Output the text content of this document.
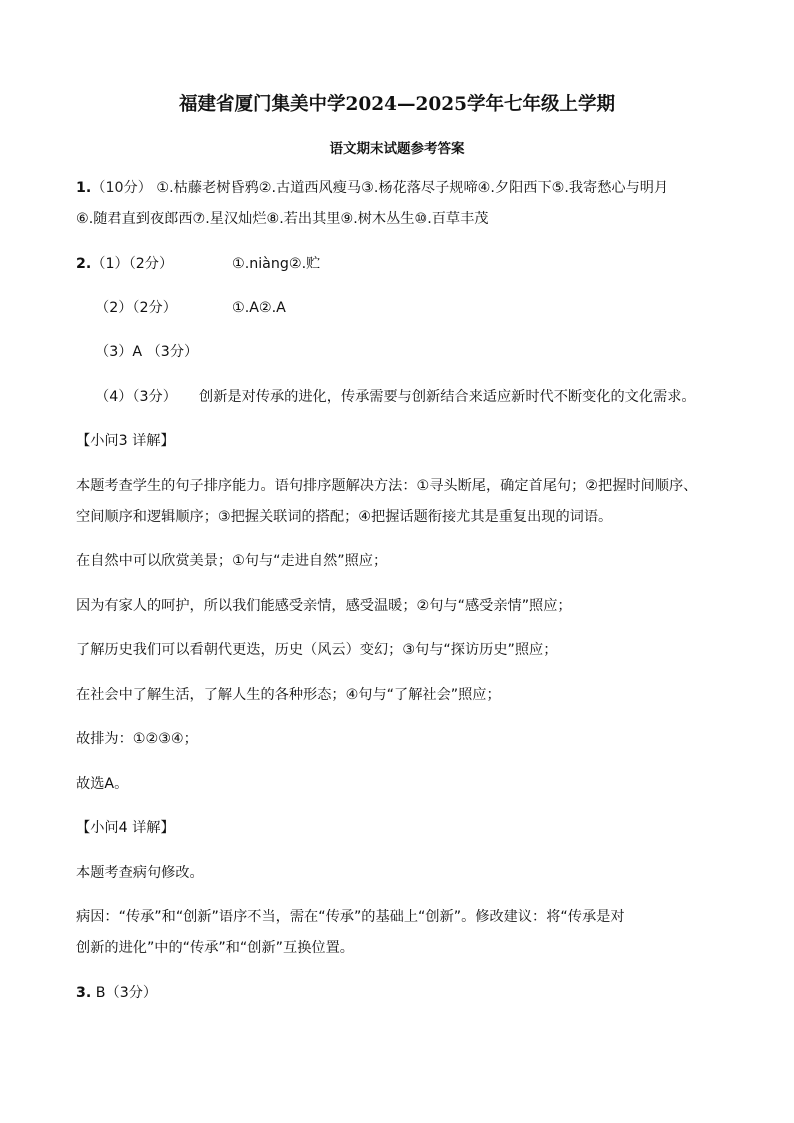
福建省厦门集美中学2024—2025学年七年级上学期
语文期末试题参考答案
1.（10分） ①.枯藤老树昏鸦②.古道西风瘦马③.杨花落尽子规啼④.夕阳西下⑤.我寄愁心与明月
⑥.随君直到夜郎西⑦.星汉灿烂⑧.若出其里⑨.树木丛生⑩.百草丰茂
2.（1）（2分）	①.niàng②.贮
（2）（2分）	①.A②.A
（3）A （3分）
（4）（3分） 创新是对传承的进化，传承需要与创新结合来适应新时代不断变化的文化需求。
【小问3 详解】
本题考查学生的句子排序能力。语句排序题解决方法：①寻头断尾，确定首尾句；②把握时间顺序、
空间顺序和逻辑顺序；③把握关联词的搭配；④把握话题衔接尤其是重复出现的词语。
在自然中可以欣赏美景；①句与“走进自然”照应；
因为有家人的呵护，所以我们能感受亲情，感受温暖；②句与“感受亲情”照应；
了解历史我们可以看朝代更迭，历史（风云）变幻；③句与“探访历史”照应；
在社会中了解生活，了解人生的各种形态；④句与“了解社会”照应；
故排为：①②③④；
故选A。
【小问4 详解】
本题考查病句修改。
病因：“传承”和“创新”语序不当，需在“传承”的基础上“创新”。修改建议：将“传承是对
创新的进化”中的“传承”和“创新”互换位置。
3. B（3分）
